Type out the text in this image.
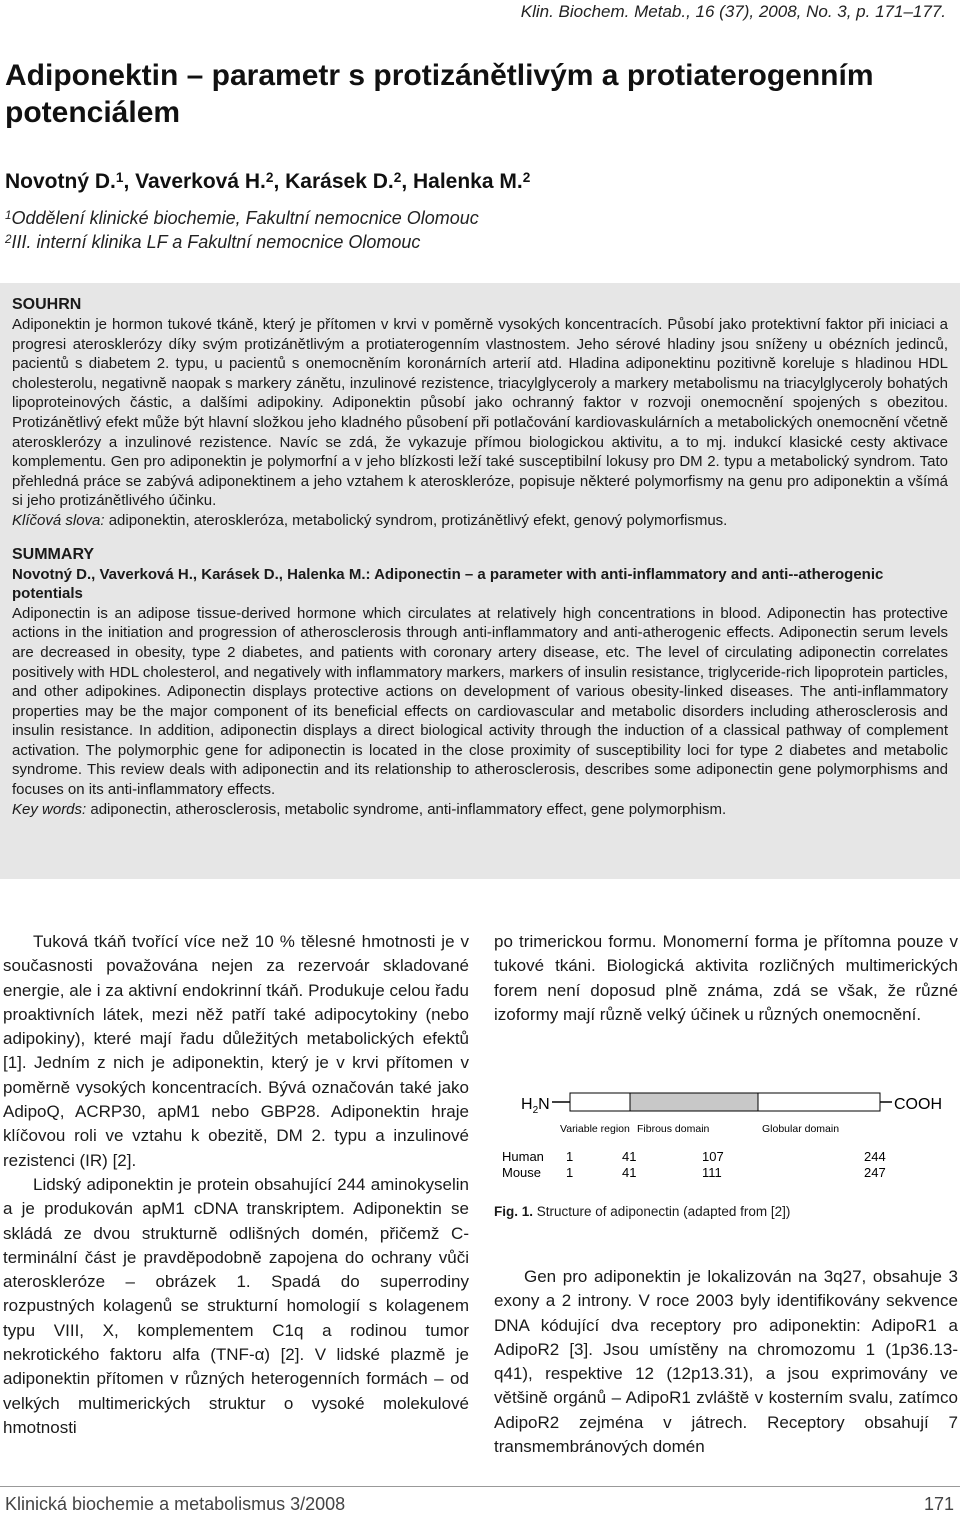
Klin. Biochem. Metab., 16 (37), 2008, No. 3, p. 171–177.
Adiponektin – parametr s protizánětlivým a protiaterogenním
potenciálem
Novotný D.$^1$, Vaverková H.$^2$, Karásek D.$^2$, Halenka M.$^2$
$^1$Oddělení klinické biochemie, Fakultní nemocnice Olomouc
$^2$III. interní klinika LF a Fakultní nemocnice Olomouc
SOUHRN

Adiponektin je hormon tukové tkáně, který je přítomen v krvi v poměrně vysokých koncentracích. Působí jako protektivní faktor při iniciaci a progresi aterosklerózy díky svým protizánětlivým a protiaterogenním vlastnostem. Jeho sérové hladiny jsou sníženy u obézních jedinců, pacientů s diabetem 2. typu, u pacientů s onemocněním koronárních arterií atd. Hladina adiponektinu pozitivně koreluje s hladinou HDL cholesterolu, negativně naopak s markery zánětu, inzulinové rezistence, triacylglyceroly a markery metabolismu na triacylglyceroly bohatých lipoproteinových částic, a dalšími adipokiny. Adiponektin působí jako ochranný faktor v rozvoji onemocnění spojených s obezitou. Protizánětlivý efekt může být hlavní složkou jeho kladného působení při potlačování kardiovaskulárních a metabolických onemocnění včetně aterosklerózy a inzulinové rezistence. Navíc se zdá, že vykazuje přímou biologickou aktivitu, a to mj. indukcí klasické cesty aktivace komplementu. Gen pro adiponektin je polymorfní a v jeho blízkosti leží také susceptibilní lokusy pro DM 2. typu a metabolický syndrom. Tato přehledná práce se zabývá adiponektinem a jeho vztahem k ateroskleróze, popisuje některé polymorfismy na genu pro adiponektin a všímá si jeho protizánětlivého účinku.

Klíčová slova: adiponektin, ateroskleróza, metabolický syndrom, protizánětlivý efekt, genový polymorfismus.

SUMMARY
Novotný D., Vaverková H., Karásek D., Halenka M.: Adiponectin – a parameter with anti-inflammatory and anti--atherogenic potentials

Adiponectin is an adipose tissue-derived hormone which circulates at relatively high concentrations in blood. Adiponectin has protective actions in the initiation and progression of atherosclerosis through anti-inflammatory and anti-atherogenic effects. Adiponectin serum levels are decreased in obesity, type 2 diabetes, and patients with coronary artery disease, etc. The level of circulating adiponectin correlates positively with HDL cholesterol, and negatively with inflammatory markers, markers of insulin resistance, triglyceride-rich lipoprotein particles, and other adipokines. Adiponectin displays protective actions on development of various obesity-linked diseases. The anti-inflammatory properties may be the major component of its beneficial effects on cardiovascular and metabolic disorders including atherosclerosis and insulin resistance. In addition, adiponectin displays a direct biological activity through the induction of a classical pathway of complement activation. The polymorphic gene for adiponectin is located in the close proximity of susceptibility loci for type 2 diabetes and metabolic syndrome. This review deals with adiponectin and its relationship to atherosclerosis, describes some adiponectin gene polymorphisms and focuses on its anti-inflammatory effects.

Key words: adiponectin, atherosclerosis, metabolic syndrome, anti-inflammatory effect, gene polymorphism.

Tuková tkáň tvořící více než 10 % tělesné hmotnosti je v současnosti považována nejen za rezervoár skladované energie, ale i za aktivní endokrinní tkáň. Produkuje celou řadu proaktivních látek, mezi něž patří také adipocytokiny (nebo adipokiny), které mají řadu důležitých metabolických efektů [1]. Jedním z nich je adiponektin, který je v krvi přítomen v poměrně vysokých koncentracích. Bývá označován také jako AdipoQ, ACRP30, apM1 nebo GBP28. Adiponektin hraje klíčovou roli ve vztahu k obezitě, DM 2. typu a inzulinové rezistenci (IR) [2].

Lidský adiponektin je protein obsahující 244 aminokyselin a je produkován apM1 cDNA transkriptem. Adiponektin se skládá ze dvou strukturně odlišných domén, přičemž C-terminální část je pravděpodobně zapojena do ochrany vůči ateroskleróze – obrázek 1. Spadá do superrodiny rozpustných kolagenů se strukturní homologií s kolagenem typu VIII, X, komplementem C1q a rodinou tumor nekrotického faktoru alfa (TNF-α) [2]. V lidské plazmě je adiponektin přítomen v různých heterogenních formách – od velkých multimerických struktur o vysoké molekulové hmotnosti

po trimerickou formu. Monomerní forma je přítomna pouze v tukové tkáni. Biologická aktivita rozličných multimerických forem není doposud plně známa, zdá se však, že různé izoformy mají různě velký účinek u různých onemocnění.

$H_2N$	COOH
Variable region Fibrous domain	Globular domain
Human 1	41	107	244
Mouse 1	41	111	247
Fig. 1. Structure of adiponectin (adapted from [2])

Gen pro adiponektin je lokalizován na 3q27, obsahuje 3 exony a 2 introny. V roce 2003 byly identifikovány sekvence DNA kódující dva receptory pro adiponektin: AdipoR1 a AdipoR2 [3]. Jsou umístěny na chromozomu 1 (1p36.13-q41), respektive 12 (12p13.31), a jsou exprimovány ve většině orgánů – AdipoR1 zvláště v kosterním svalu, zatímco AdipoR2 zejména v játrech. Receptory obsahují 7 transmembránových domén

Klinická biochemie a metabolismus 3/2008	171
